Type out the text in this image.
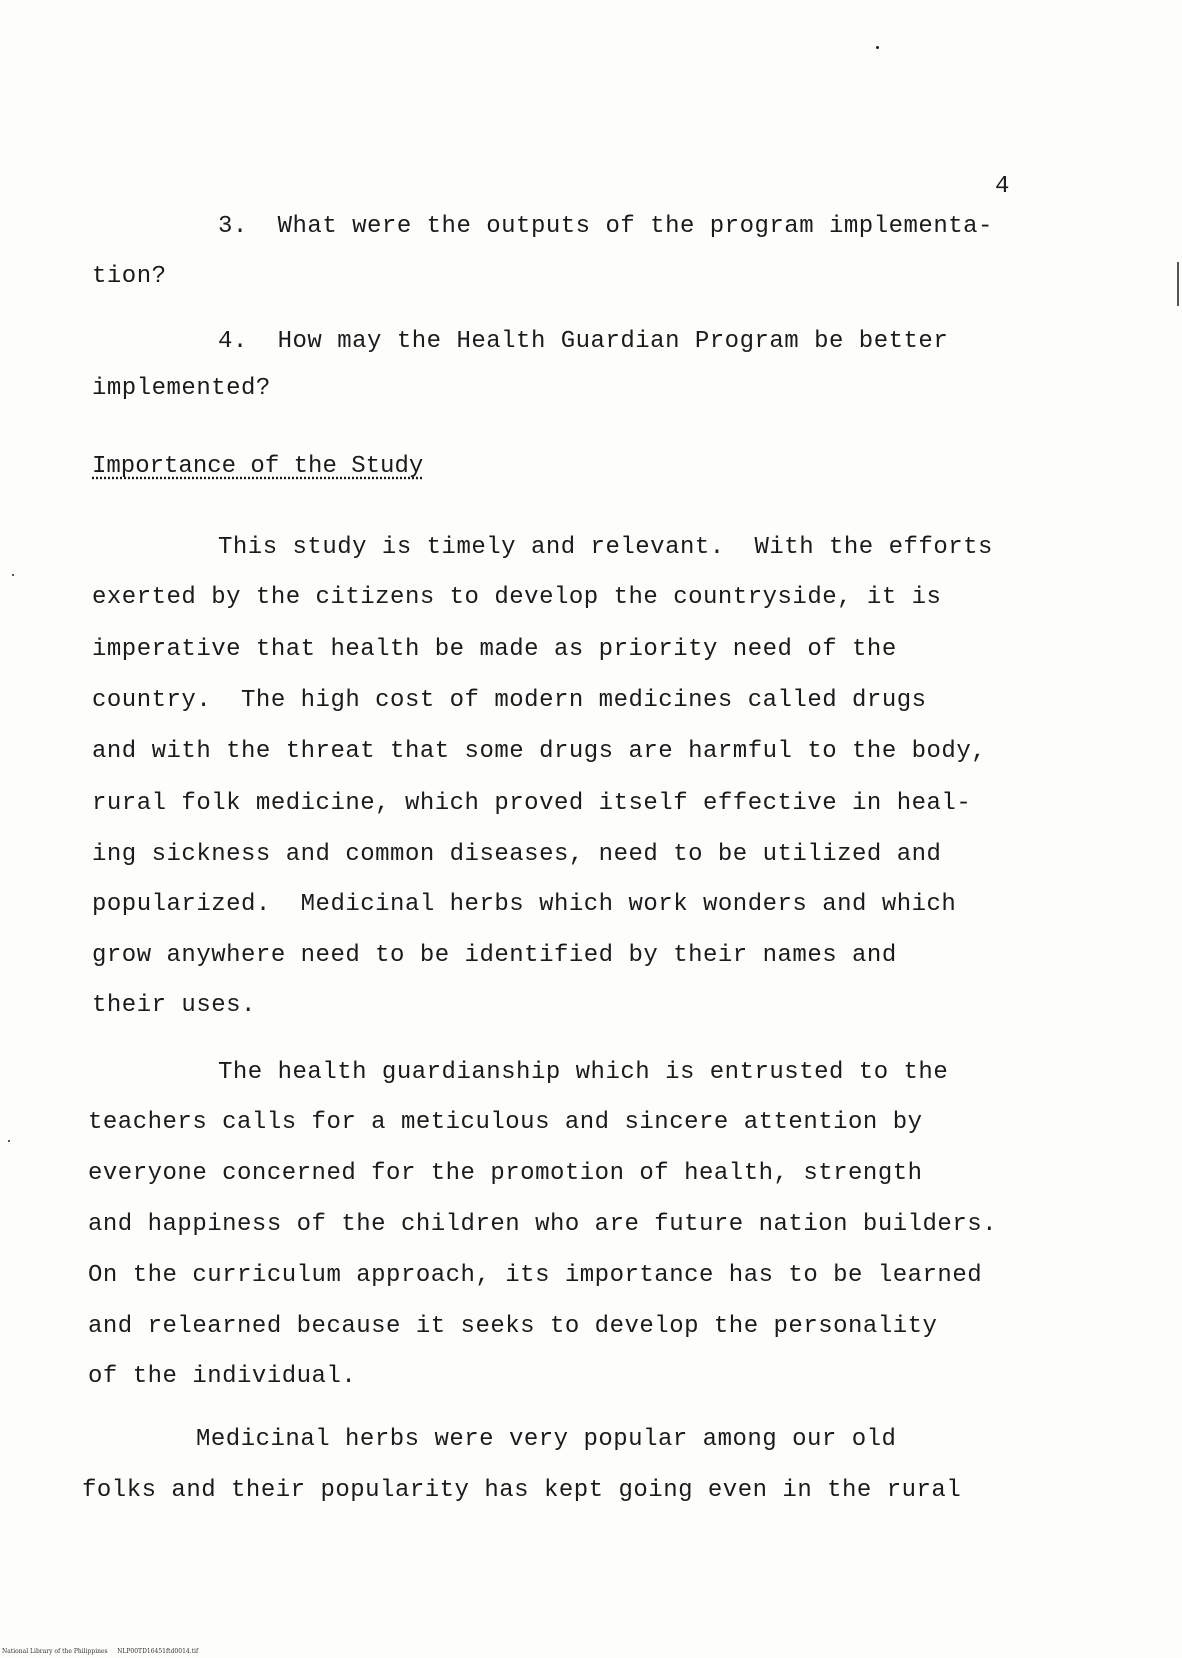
4
3.  What were the outputs of the program implementa-
tion?
4.  How may the Health Guardian Program be better
implemented?
Importance of the Study
This study is timely and relevant.  With the efforts
exerted by the citizens to develop the countryside, it is
imperative that health be made as priority need of the
country.  The high cost of modern medicines called drugs
and with the threat that some drugs are harmful to the body,
rural folk medicine, which proved itself effective in heal-
ing sickness and common diseases, need to be utilized and
popularized.  Medicinal herbs which work wonders and which
grow anywhere need to be identified by their names and
their uses.
The health guardianship which is entrusted to the
teachers calls for a meticulous and sincere attention by
everyone concerned for the promotion of health, strength
and happiness of the children who are future nation builders.
On the curriculum approach, its importance has to be learned
and relearned because it seeks to develop the personality
of the individual.
Medicinal herbs were very popular among our old
folks and their popularity has kept going even in the rural
National Library of the Philippines     NLP00TD16451ftd0014.tif
